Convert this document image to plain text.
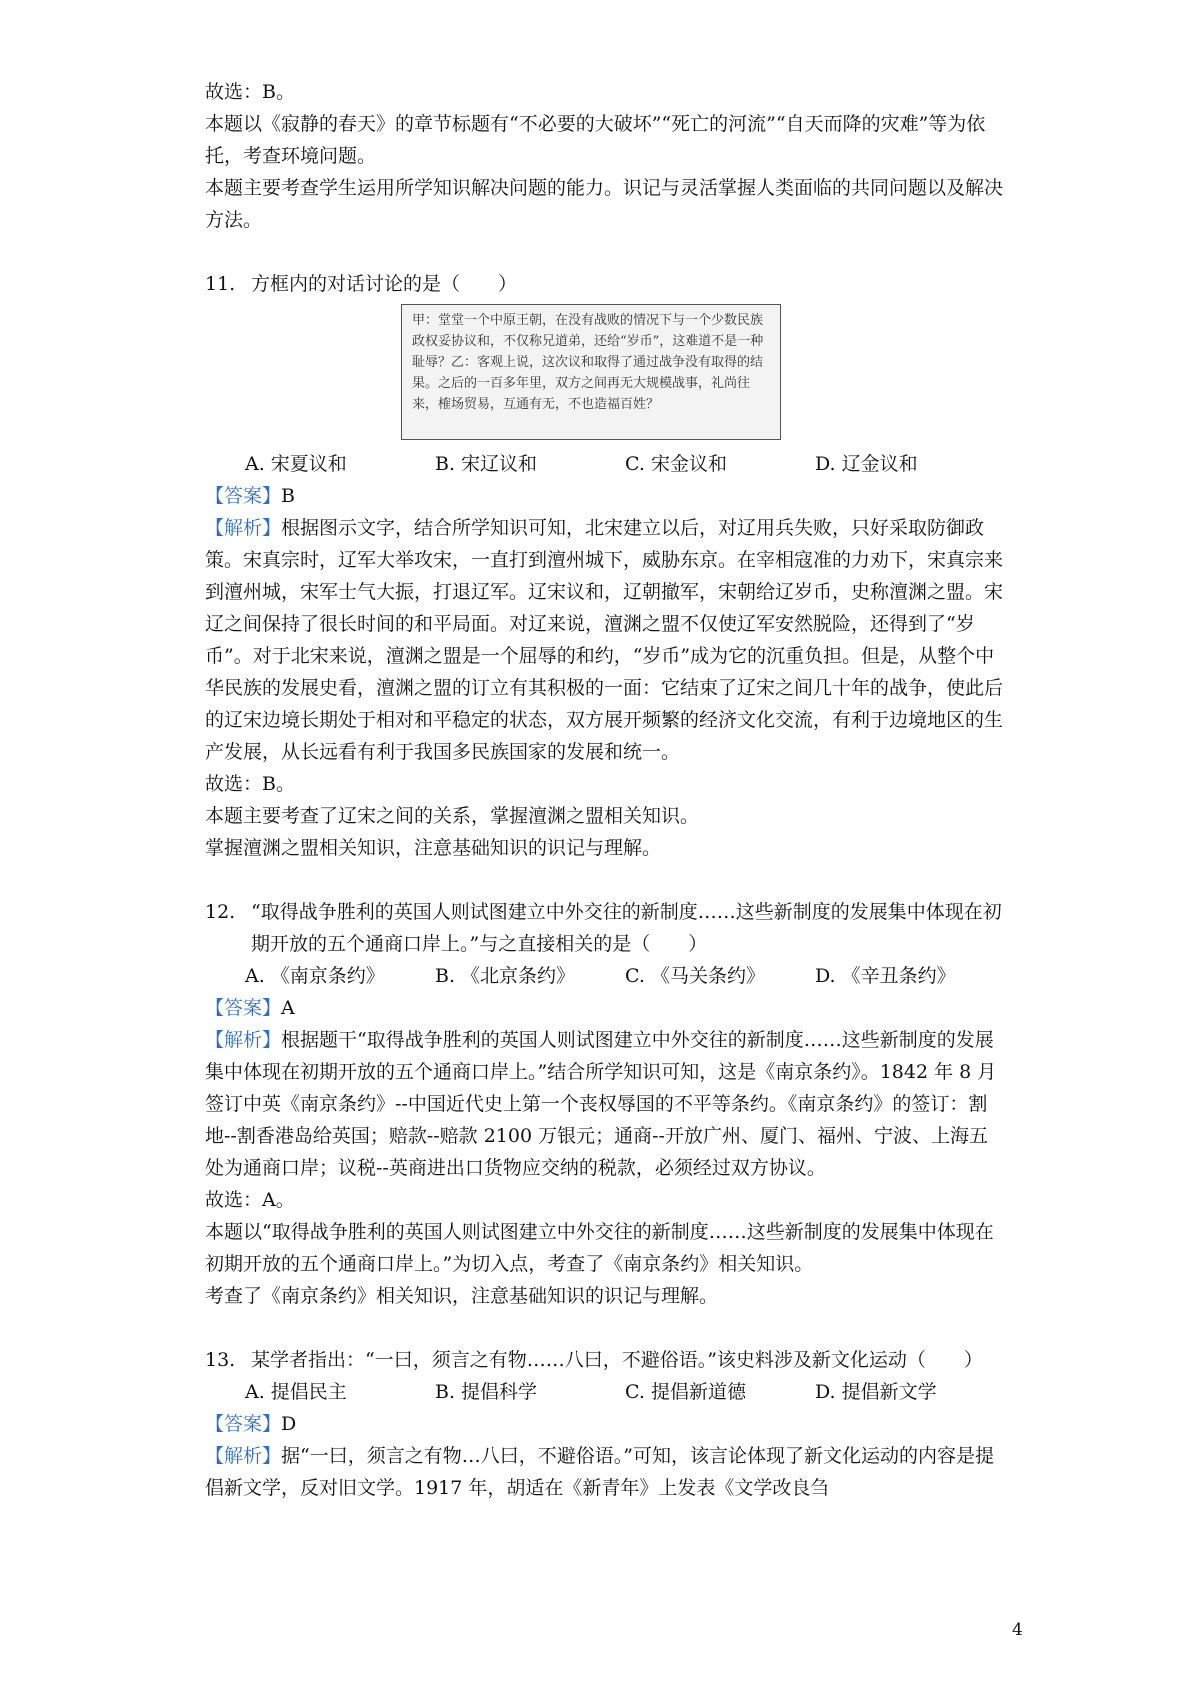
故选：B。

本题以《寂静的春天》的章节标题有“不必要的大破坏”“死亡的河流”“自天而降的灾难”等为依托，考查环境问题。

本题主要考查学生运用所学知识解决问题的能力。识记与灵活掌握人类面临的共同问题以及解决方法。

11. 方框内的对话讨论的是（　　）
甲：堂堂一个中原王朝，在没有战败的情况下与一个少数民族政权妥协议和，不仅称兄道弟，还给“岁币”，这难道不是一种耻辱？乙：客观上说，这次议和取得了通过战争没有取得的结果。之后的一百多年里，双方之间再无大规模战事，礼尚往来，榷场贸易，互通有无，不也造福百姓？
A. 宋夏议和	B. 宋辽议和	C. 宋金议和	D. 辽金议和

【答案】B

【解析】根据图示文字，结合所学知识可知，北宋建立以后，对辽用兵失败，只好采取防御政策。宋真宗时，辽军大举攻宋，一直打到澶州城下，威胁东京。在宰相寇准的力劝下，宋真宗来到澶州城，宋军士气大振，打退辽军。辽宋议和，辽朝撤军，宋朝给辽岁币，史称澶渊之盟。宋辽之间保持了很长时间的和平局面。对辽来说，澶渊之盟不仅使辽军安然脱险，还得到了“岁币”。对于北宋来说，澶渊之盟是一个屈辱的和约，“岁币”成为它的沉重负担。但是，从整个中华民族的发展史看，澶渊之盟的订立有其积极的一面：它结束了辽宋之间几十年的战争，使此后的辽宋边境长期处于相对和平稳定的状态，双方展开频繁的经济文化交流，有利于边境地区的生产发展，从长远看有利于我国多民族国家的发展和统一。

故选：B。

本题主要考查了辽宋之间的关系，掌握澶渊之盟相关知识。

掌握澶渊之盟相关知识，注意基础知识的识记与理解。

12. “取得战争胜利的英国人则试图建立中外交往的新制度……这些新制度的发展集中体现在初期开放的五个通商口岸上。”与之直接相关的是（　　）
A. 《南京条约》	B. 《北京条约》	C. 《马关条约》	D. 《辛丑条约》

【答案】A

【解析】根据题干“取得战争胜利的英国人则试图建立中外交往的新制度……这些新制度的发展集中体现在初期开放的五个通商口岸上。”结合所学知识可知，这是《南京条约》。1842 年 8 月签订中英《南京条约》--中国近代史上第一个丧权辱国的不平等条约。《南京条约》的签订：割地--割香港岛给英国；赔款--赔款 2100 万银元；通商--开放广州、厦门、福州、宁波、上海五处为通商口岸；议税--英商进出口货物应交纳的税款，必须经过双方协议。

故选：A。

本题以“取得战争胜利的英国人则试图建立中外交往的新制度……这些新制度的发展集中体现在初期开放的五个通商口岸上。”为切入点，考查了《南京条约》相关知识。

考查了《南京条约》相关知识，注意基础知识的识记与理解。

13. 某学者指出：“一曰，须言之有物……八曰，不避俗语。”该史料涉及新文化运动（　　）
A. 提倡民主	B. 提倡科学	C. 提倡新道德	D. 提倡新文学

【答案】D

【解析】据“一曰，须言之有物…八曰，不避俗语。”可知，该言论体现了新文化运动的内容是提倡新文学，反对旧文学。1917 年，胡适在《新青年》上发表《文学改良刍

4
